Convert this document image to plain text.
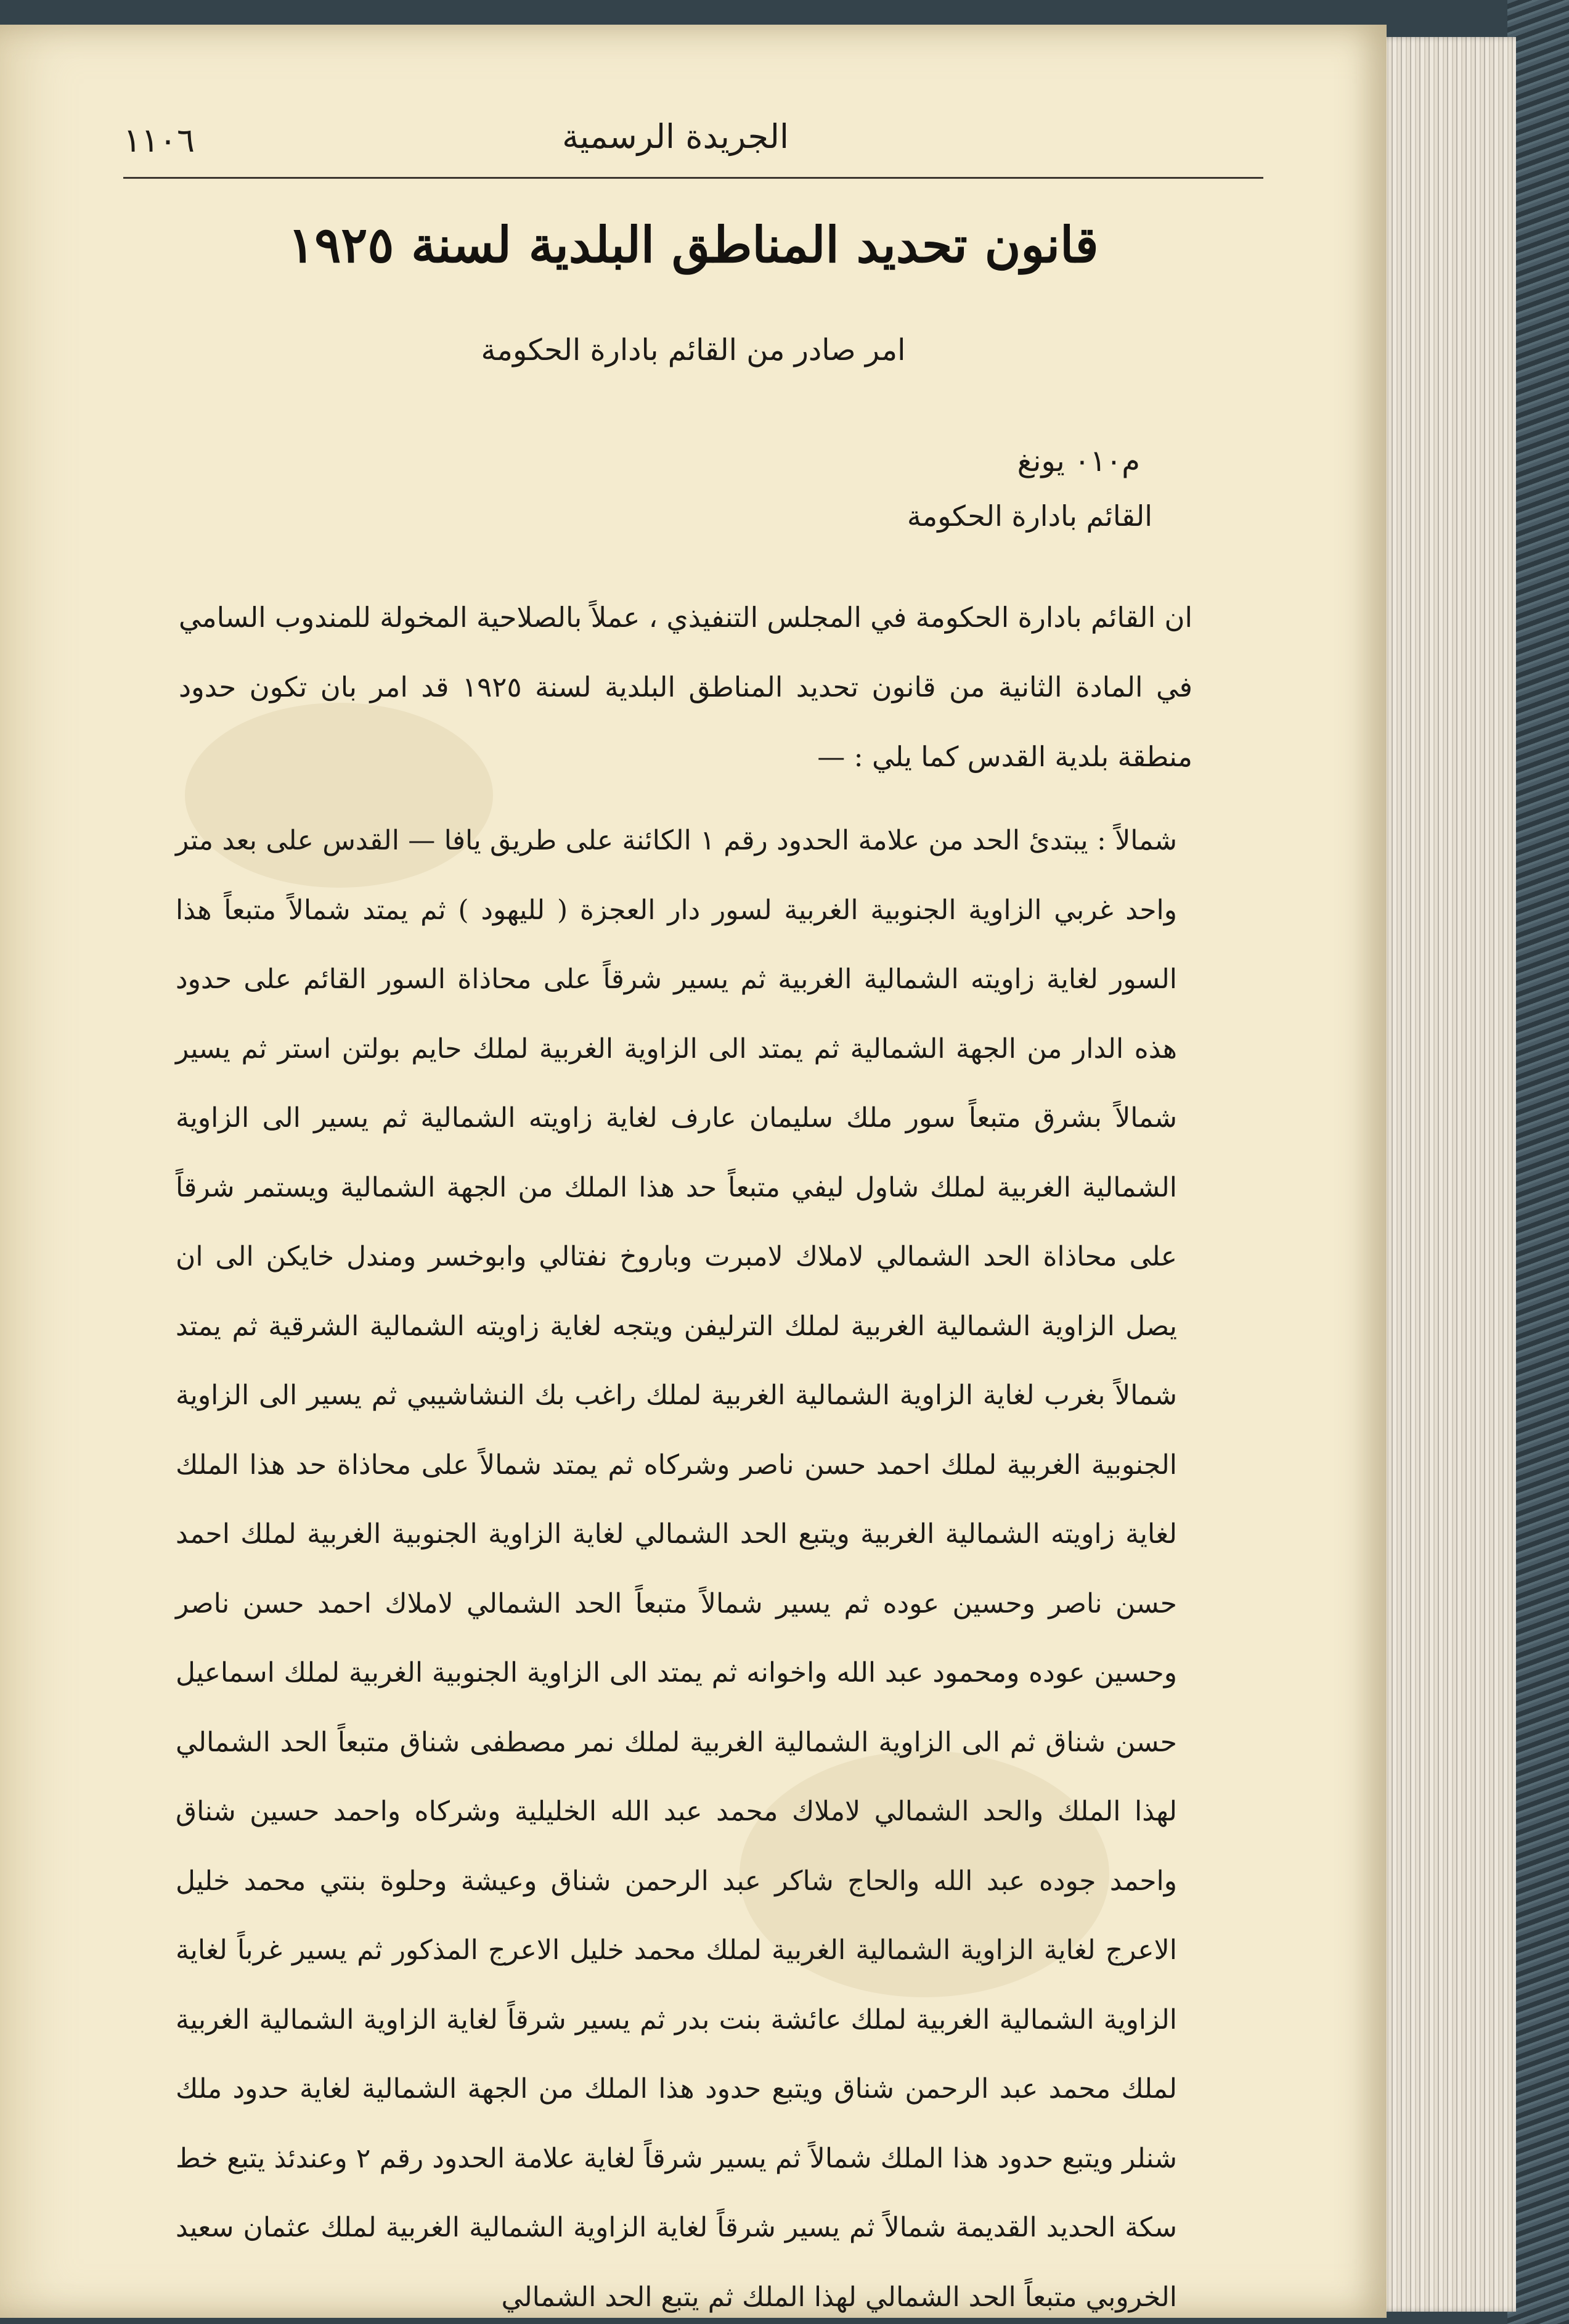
الجريدة الرسمية
١١٠٦
قانون تحديد المناطق البلدية لسنة ١٩٢٥
امر صادر من القائم بادارة الحكومة
م٠١٠ يونغ
القائم بادارة الحكومة
ان القائم بادارة الحكومة في المجلس التنفيذي ، عملاً بالصلاحية المخولة للمندوب السامي في المادة الثانية من قانون تحديد المناطق البلدية لسنة ١٩٢٥ قد امر بان تكون حدود منطقة بلدية القدس كما يلي : —
شمالاً : يبتدئ الحد من علامة الحدود رقم ١ الكائنة على طريق يافا — القدس على بعد متر واحد غربي الزاوية الجنوبية الغربية لسور دار العجزة ( لليهود ) ثم يمتد شمالاً متبعاً هذا السور لغاية زاويته الشمالية الغربية ثم يسير شرقاً على محاذاة السور القائم على حدود هذه الدار من الجهة الشمالية ثم يمتد الى الزاوية الغربية لملك حايم بولتن استر ثم يسير شمالاً بشرق متبعاً سور ملك سليمان عارف لغاية زاويته الشمالية ثم يسير الى الزاوية الشمالية الغربية لملك شاول ليفي متبعاً حد هذا الملك من الجهة الشمالية ويستمر شرقاً على محاذاة الحد الشمالي لاملاك لامبرت وباروخ نفتالي وابوخسر ومندل خايكن الى ان يصل الزاوية الشمالية الغربية لملك الترليفن ويتجه لغاية زاويته الشمالية الشرقية ثم يمتد شمالاً بغرب لغاية الزاوية الشمالية الغربية لملك راغب بك النشاشيبي ثم يسير الى الزاوية الجنوبية الغربية لملك احمد حسن ناصر وشركاه ثم يمتد شمالاً على محاذاة حد هذا الملك لغاية زاويته الشمالية الغربية ويتبع الحد الشمالي لغاية الزاوية الجنوبية الغربية لملك احمد حسن ناصر وحسين عوده ثم يسير شمالاً متبعاً الحد الشمالي لاملاك احمد حسن ناصر وحسين عوده ومحمود عبد الله واخوانه ثم يمتد الى الزاوية الجنوبية الغربية لملك اسماعيل حسن شناق ثم الى الزاوية الشمالية الغربية لملك نمر مصطفى شناق متبعاً الحد الشمالي لهذا الملك والحد الشمالي لاملاك محمد عبد الله الخليلية وشركاه واحمد حسين شناق واحمد جوده عبد الله والحاج شاكر عبد الرحمن شناق وعيشة وحلوة بنتي محمد خليل الاعرج لغاية الزاوية الشمالية الغربية لملك محمد خليل الاعرج المذكور ثم يسير غرباً لغاية الزاوية الشمالية الغربية لملك عائشة بنت بدر ثم يسير شرقاً لغاية الزاوية الشمالية الغربية لملك محمد عبد الرحمن شناق ويتبع حدود هذا الملك من الجهة الشمالية لغاية حدود ملك شنلر ويتبع حدود هذا الملك شمالاً ثم يسير شرقاً لغاية علامة الحدود رقم ٢ وعندئذ يتبع خط سكة الحديد القديمة شمالاً ثم يسير شرقاً لغاية الزاوية الشمالية الغربية لملك عثمان سعيد الخروبي متبعاً الحد الشمالي لهذا الملك ثم يتبع الحد الشمالي
